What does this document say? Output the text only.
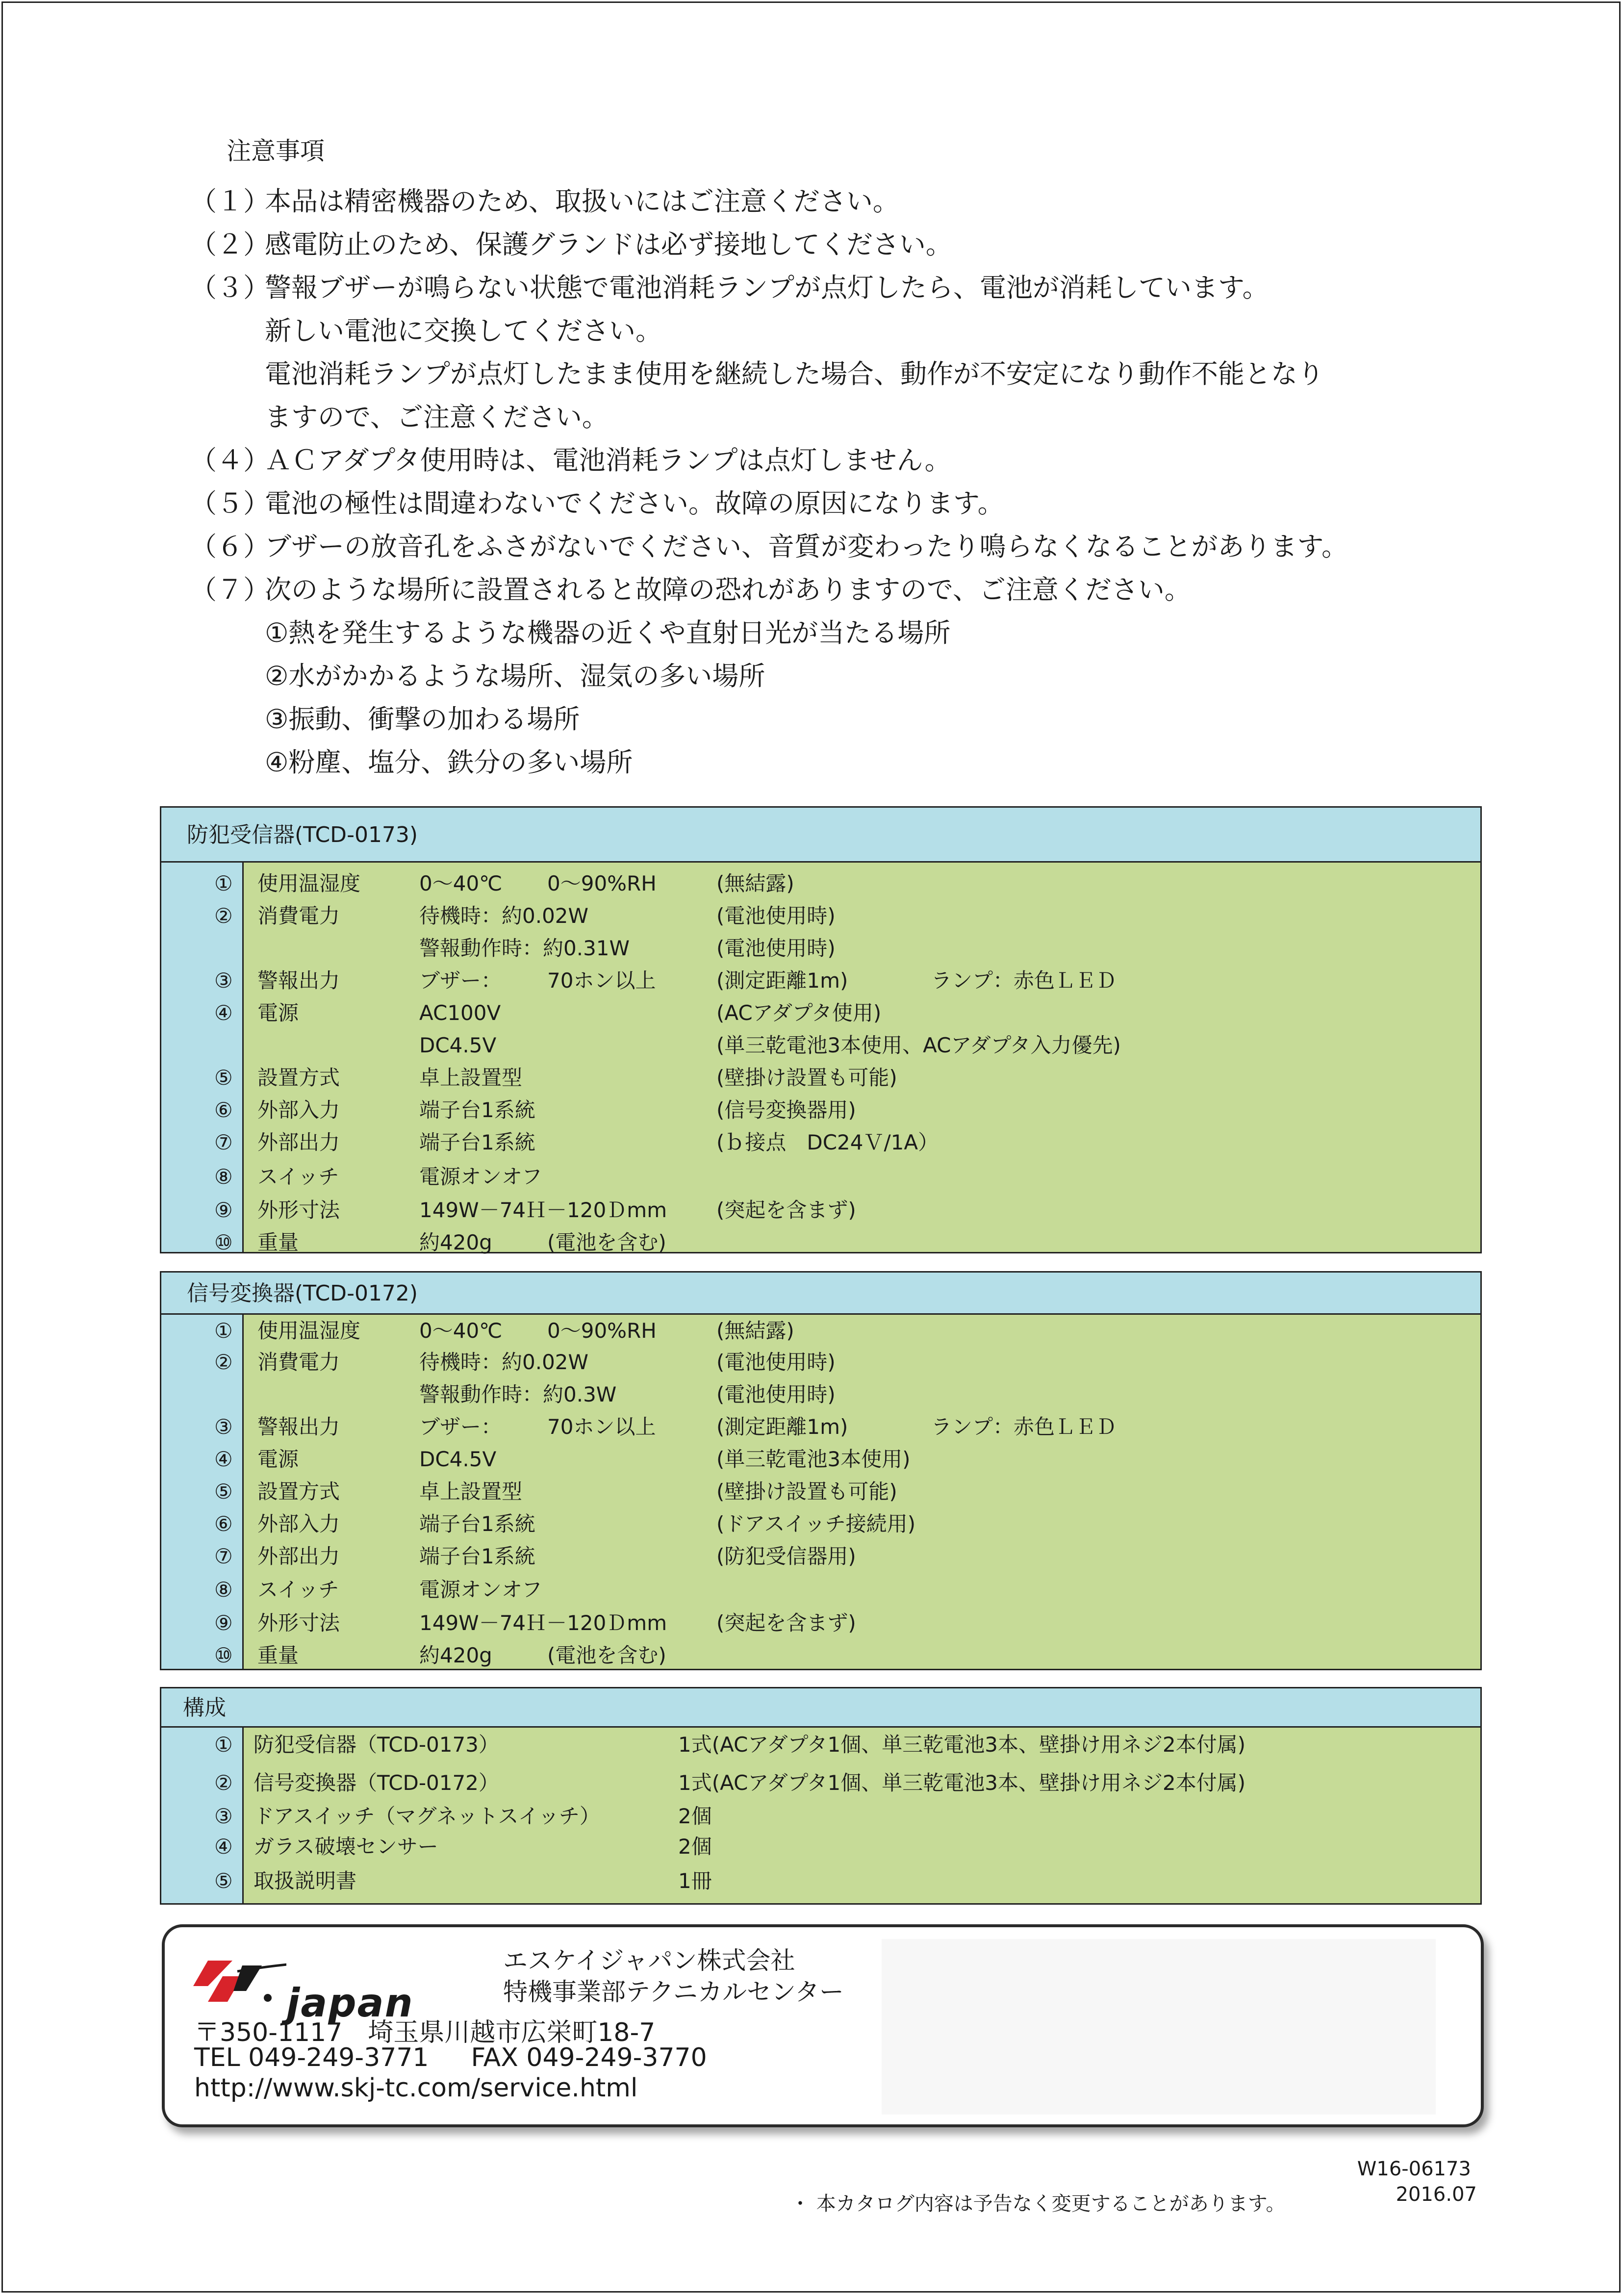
注意事項
（１）本品は精密機器のため、取扱いにはご注意ください。
（２）感電防止のため、保護グランドは必ず接地してください。
（３）警報ブザーが鳴らない状態で電池消耗ランプが点灯したら、電池が消耗しています。
新しい電池に交換してください。
電池消耗ランプが点灯したまま使用を継続した場合、動作が不安定になり動作不能となり
ますので、ご注意ください。
（４）ＡＣアダプタ使用時は、電池消耗ランプは点灯しません。
（５）電池の極性は間違わないでください。故障の原因になります。
（６）ブザーの放音孔をふさがないでください、音質が変わったり鳴らなくなることがあります。
（７）次のような場所に設置されると故障の恐れがありますので、ご注意ください。
①熱を発生するような機器の近くや直射日光が当たる場所
②水がかかるような場所、湿気の多い場所
③振動、衝撃の加わる場所
④粉塵、塩分、鉄分の多い場所
防犯受信器(TCD-0173)
① 使用温湿度	0～40℃ 0～90%RH	(無結露)
② 消費電力	待機時：約0.02W	(電池使用時)
警報動作時：約0.31W	(電池使用時)
③ 警報出力	ブザー： 70ホン以上	(測定距離1m)	ランプ：赤色ＬＥＤ
④ 電源	AC100V	(ACアダプタ使用)
DC4.5V	(単三乾電池3本使用、ACアダプタ入力優先)
⑤ 設置方式	卓上設置型	(壁掛け設置も可能)
⑥ 外部入力	端子台1系統	(信号変換器用)
⑦ 外部出力	端子台1系統	(ｂ接点　DC24Ｖ/1A）
⑧ スイッチ	電源オンオフ
⑨ 外形寸法	149W－74Ｈ－120Ｄmm (突起を含まず)
⑩ 重量	約420g	(電池を含む)
信号変換器(TCD-0172)
① 使用温湿度	0～40℃ 0～90%RH	(無結露)
② 消費電力	待機時：約0.02W	(電池使用時)
警報動作時：約0.3W	(電池使用時)
③ 警報出力	ブザー： 70ホン以上	(測定距離1m)	ランプ：赤色ＬＥＤ
④ 電源	DC4.5V	(単三乾電池3本使用)
⑤ 設置方式	卓上設置型	(壁掛け設置も可能)
⑥ 外部入力	端子台1系統	(ドアスイッチ接続用)
⑦ 外部出力	端子台1系統	(防犯受信器用)
⑧ スイッチ	電源オンオフ
⑨ 外形寸法	149W－74Ｈ－120Ｄmm (突起を含まず)
⑩ 重量	約420g	(電池を含む)
構成
① 防犯受信器（TCD-0173）	1式(ACアダプタ1個、単三乾電池3本、壁掛け用ネジ2本付属)
② 信号変換器（TCD-0172）	1式(ACアダプタ1個、単三乾電池3本、壁掛け用ネジ2本付属)
③ ドアスイッチ（マグネットスイッチ）	2個
④ ガラス破壊センサー	2個
⑤ 取扱説明書	1冊
japan
エスケイジャパン株式会社
特機事業部テクニカルセンター
〒350-1117　埼玉県川越市広栄町18-7
TEL 049-249-3771 FAX 049-249-3770
http://www.skj-tc.com/service.html
W16-06173
2016.07
・ 本カタログ内容は予告なく変更することがあります。
